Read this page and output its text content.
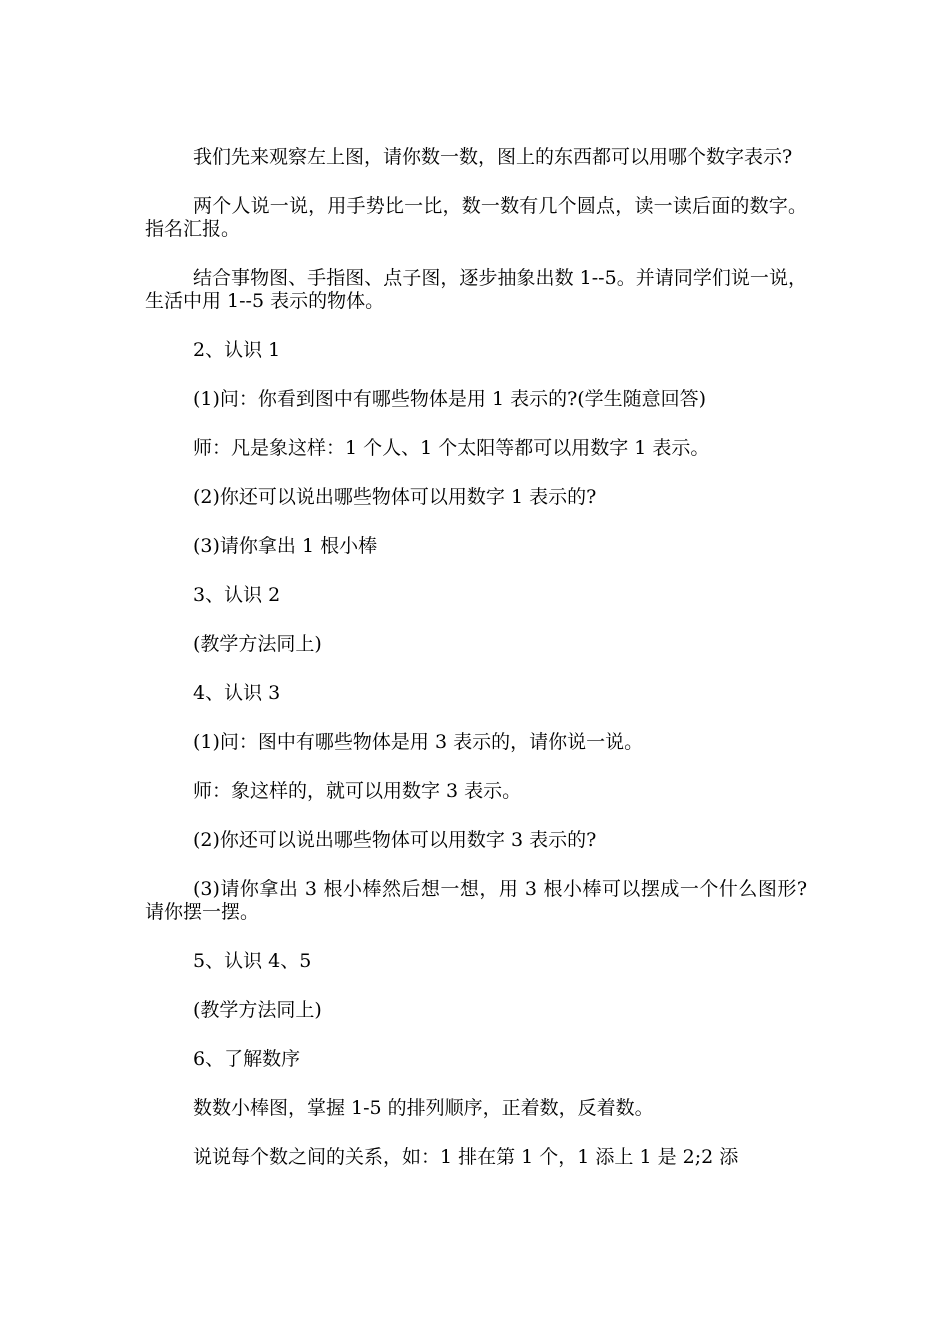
我们先来观察左上图，请你数一数，图上的东西都可以用哪个数字表示?

两个人说一说，用手势比一比，数一数有几个圆点，读一读后面的数字。指名汇报。

结合事物图、手指图、点子图，逐步抽象出数 1--5。并请同学们说一说，生活中用 1--5 表示的物体。

2、认识 1

(1)问：你看到图中有哪些物体是用 1 表示的?(学生随意回答)

师：凡是象这样：1 个人、1 个太阳等都可以用数字 1 表示。

(2)你还可以说出哪些物体可以用数字 1 表示的?

(3)请你拿出 1 根小棒

3、认识 2

(教学方法同上)

4、认识 3

(1)问：图中有哪些物体是用 3 表示的，请你说一说。

师：象这样的，就可以用数字 3 表示。

(2)你还可以说出哪些物体可以用数字 3 表示的?

(3)请你拿出 3 根小棒然后想一想，用 3 根小棒可以摆成一个什么图形?请你摆一摆。

5、认识 4、5

(教学方法同上)

6、了解数序

数数小棒图，掌握 1-5 的排列顺序，正着数，反着数。

说说每个数之间的关系，如：1 排在第 1 个，1 添上 1 是 2;2 添
